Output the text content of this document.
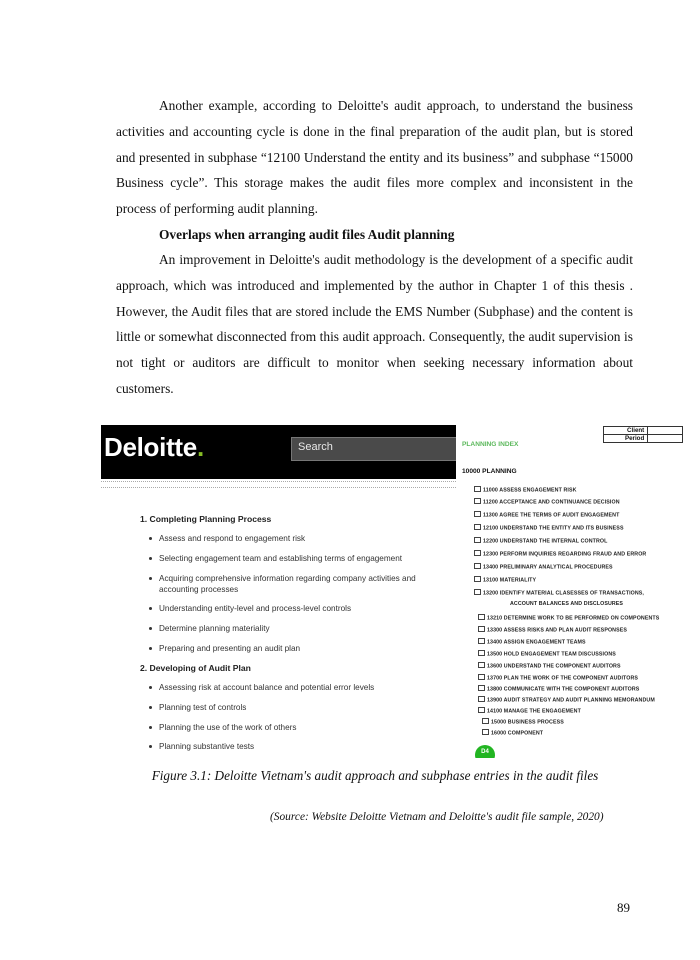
Another example, according to Deloitte's audit approach, to understand the business activities and accounting cycle is done in the final preparation of the audit plan, but is stored and presented in subphase “12100 Understand the entity and its business” and subphase “15000 Business cycle”. This storage makes the audit files more complex and inconsistent in the process of performing audit planning.

Overlaps when arranging audit files Audit planning

An improvement in Deloitte's audit methodology is the development of a specific audit approach, which was introduced and implemented by the author in Chapter 1 of this thesis . However, the Audit files that are stored include the EMS Number (Subphase) and the content is little or somewhat disconnected from this audit approach. Consequently, the audit supervision is not tight or auditors are difficult to monitor when seeking necessary information about customers.

Deloitte.	Search
1. Completing Planning Process
Assess and respond to engagement risk
Selecting engagement team and establishing terms of engagement
Acquiring comprehensive information regarding company activities and accounting processes
Understanding entity-level and process-level controls
Determine planning materiality
Preparing and presenting an audit plan
2. Developing of Audit Plan
Assessing risk at account balance and potential error levels
Planning test of controls
Planning the use of the work of others
Planning substantive tests
Client	
Period	
PLANNING INDEX
10000 PLANNING
11000 ASSESS ENGAGEMENT RISK
11200 ACCEPTANCE AND CONTINUANCE DECISION
11300 AGREE THE TERMS OF AUDIT ENGAGEMENT
12100 UNDERSTAND THE ENTITY AND ITS BUSINESS
12200 UNDERSTAND THE INTERNAL CONTROL
12300 PERFORM INQUIRIES REGARDING FRAUD AND ERROR
13400 PRELIMINARY ANALYTICAL PROCEDURES
13100 MATERIALITY
13200 IDENTIFY MATERIAL CLASESSES OF TRANSACTIONS,
ACCOUNT BALANCES AND DISCLOSURES
13210 DETERMINE WORK TO BE PERFORMED ON COMPONENTS
13300 ASSESS RISKS AND PLAN AUDIT RESPONSES
13400 ASSIGN ENGAGEMENT TEAMS
13500 HOLD ENGAGEMENT TEAM DISCUSSIONS
13600 UNDERSTAND THE COMPONENT AUDITORS
13700 PLAN THE WORK OF THE COMPONENT AUDITORS
13800 COMMUNICATE WITH THE COMPONENT AUDITORS
13900 AUDIT STRATEGY AND AUDIT PLANNING MEMORANDUM
14100 MANAGE THE ENGAGEMENT
15000 BUSINESS PROCESS
16000 COMPONENT
D4

Figure 3.1: Deloitte Vietnam's audit approach and subphase entries in the audit files

(Source: Website Deloitte Vietnam and Deloitte's audit file sample, 2020)

89
